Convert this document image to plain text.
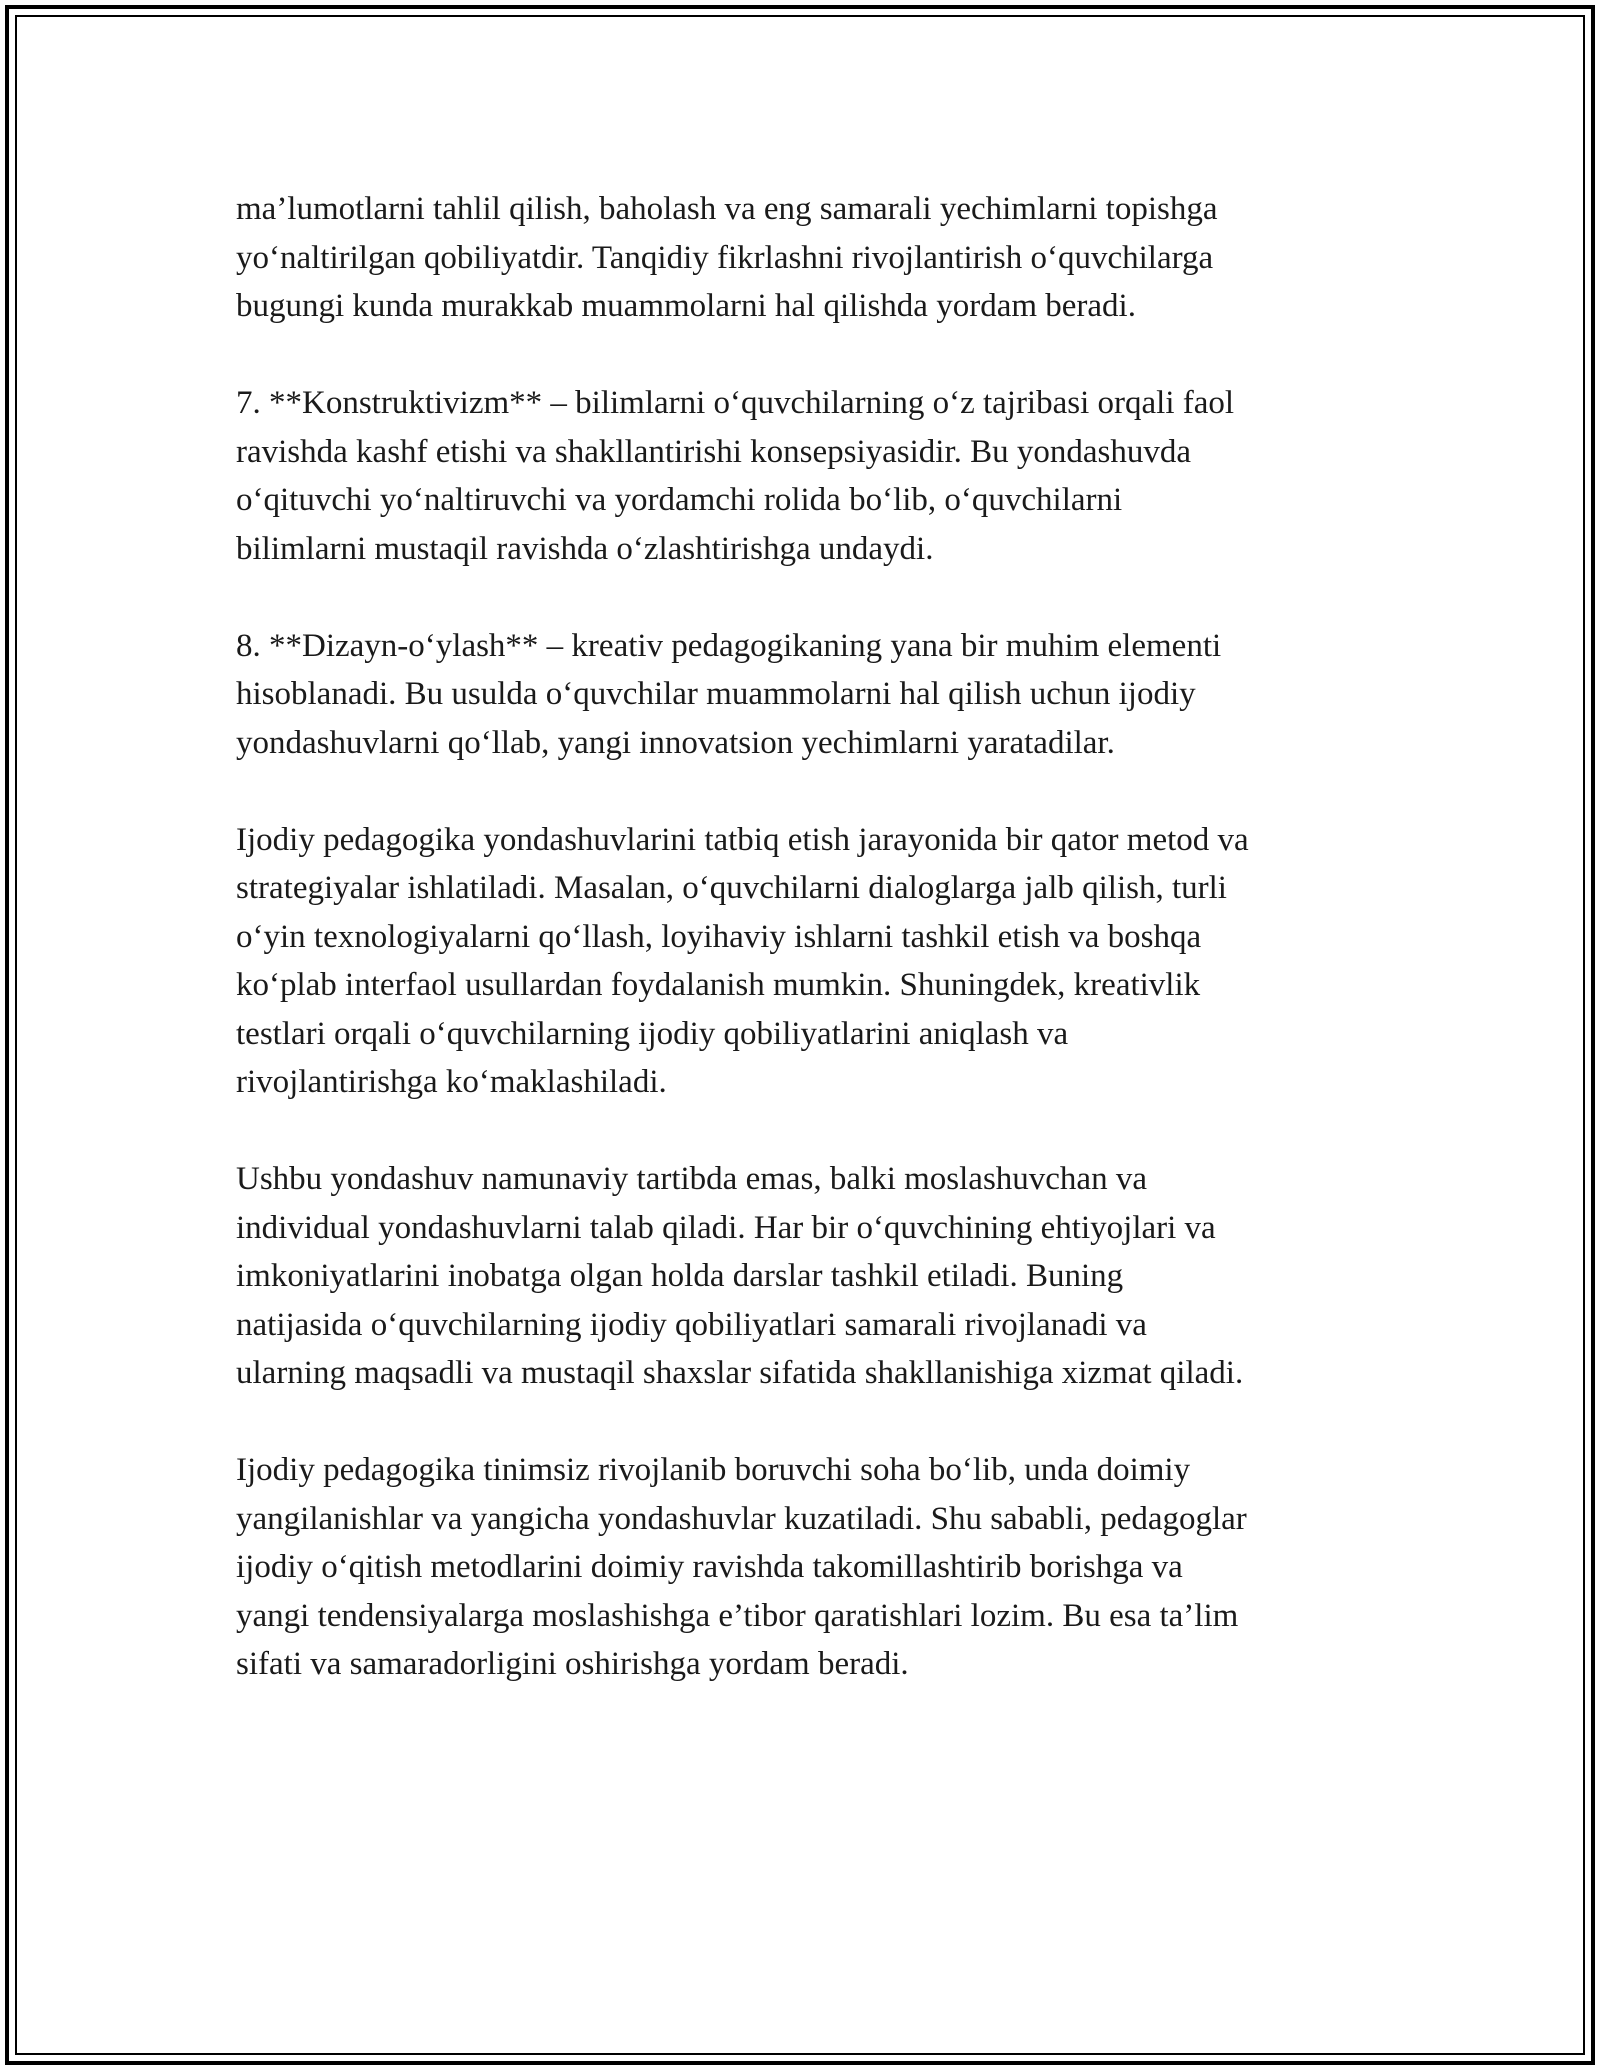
ma’lumotlarni tahlil qilish, baholash va eng samarali yechimlarni topishga
yo‘naltirilgan qobiliyatdir. Tanqidiy fikrlashni rivojlantirish o‘quvchilarga
bugungi kunda murakkab muammolarni hal qilishda yordam beradi.

7. **Konstruktivizm** – bilimlarni o‘quvchilarning o‘z tajribasi orqali faol
ravishda kashf etishi va shakllantirishi konsepsiyasidir. Bu yondashuvda
o‘qituvchi yo‘naltiruvchi va yordamchi rolida bo‘lib, o‘quvchilarni
bilimlarni mustaqil ravishda o‘zlashtirishga undaydi.

8. **Dizayn-o‘ylash** – kreativ pedagogikaning yana bir muhim elementi
hisoblanadi. Bu usulda o‘quvchilar muammolarni hal qilish uchun ijodiy
yondashuvlarni qo‘llab, yangi innovatsion yechimlarni yaratadilar.

Ijodiy pedagogika yondashuvlarini tatbiq etish jarayonida bir qator metod va
strategiyalar ishlatiladi. Masalan, o‘quvchilarni dialoglarga jalb qilish, turli
o‘yin texnologiyalarni qo‘llash, loyihaviy ishlarni tashkil etish va boshqa
ko‘plab interfaol usullardan foydalanish mumkin. Shuningdek, kreativlik
testlari orqali o‘quvchilarning ijodiy qobiliyatlarini aniqlash va
rivojlantirishga ko‘maklashiladi.

Ushbu yondashuv namunaviy tartibda emas, balki moslashuvchan va
individual yondashuvlarni talab qiladi. Har bir o‘quvchining ehtiyojlari va
imkoniyatlarini inobatga olgan holda darslar tashkil etiladi. Buning
natijasida o‘quvchilarning ijodiy qobiliyatlari samarali rivojlanadi va
ularning maqsadli va mustaqil shaxslar sifatida shakllanishiga xizmat qiladi.

Ijodiy pedagogika tinimsiz rivojlanib boruvchi soha bo‘lib, unda doimiy
yangilanishlar va yangicha yondashuvlar kuzatiladi. Shu sababli, pedagoglar
ijodiy o‘qitish metodlarini doimiy ravishda takomillashtirib borishga va
yangi tendensiyalarga moslashishga e’tibor qaratishlari lozim. Bu esa ta’lim
sifati va samaradorligini oshirishga yordam beradi.
